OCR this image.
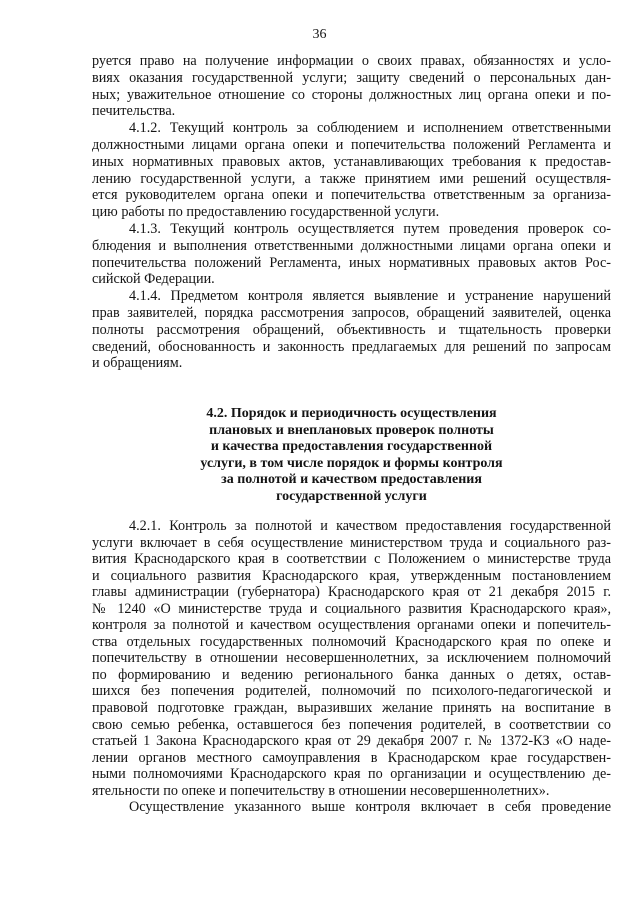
36
руется право на получение информации о своих правах, обязанностях и усло-
виях оказания государственной услуги; защиту сведений о персональных дан-
ных; уважительное отношение со стороны должностных лиц органа опеки и по-
печительства.
4.1.2. Текущий контроль за соблюдением и исполнением ответственными
должностными лицами органа опеки и попечительства положений Регламента и
иных нормативных правовых актов, устанавливающих требования к предостав-
лению государственной услуги, а также принятием ими решений осуществля-
ется руководителем органа опеки и попечительства ответственным за организа-
цию работы по предоставлению государственной услуги.
4.1.3. Текущий контроль осуществляется путем проведения проверок со-
блюдения и выполнения ответственными должностными лицами органа опеки и
попечительства положений Регламента, иных нормативных правовых актов Рос-
сийской Федерации.
4.1.4. Предметом контроля является выявление и устранение нарушений
прав заявителей, порядка рассмотрения запросов, обращений заявителей, оценка
полноты рассмотрения обращений, объективность и тщательность проверки
сведений, обоснованность и законность предлагаемых для решений по запросам
и обращениям.
4.2. Порядок и периодичность осуществления
плановых и внеплановых проверок полноты
и качества предоставления государственной
услуги, в том числе порядок и формы контроля
за полнотой и качеством предоставления
государственной услуги
4.2.1. Контроль за полнотой и качеством предоставления государственной
услуги включает в себя осуществление министерством труда и социального раз-
вития Краснодарского края в соответствии с Положением о министерстве труда
и социального развития Краснодарского края, утвержденным постановлением
главы администрации (губернатора) Краснодарского края от 21 декабря 2015 г.
№ 1240 «О министерстве труда и социального развития Краснодарского края»,
контроля за полнотой и качеством осуществления органами опеки и попечитель-
ства отдельных государственных полномочий Краснодарского края по опеке и
попечительству в отношении несовершеннолетних, за исключением полномочий
по формированию и ведению регионального банка данных о детях, остав-
шихся без попечения родителей, полномочий по психолого-педагогической и
правовой подготовке граждан, выразивших желание принять на воспитание в
свою семью ребенка, оставшегося без попечения родителей, в соответствии со
статьей 1 Закона Краснодарского края от 29 декабря 2007 г. № 1372-КЗ «О наде-
лении органов местного самоуправления в Краснодарском крае государствен-
ными полномочиями Краснодарского края по организации и осуществлению де-
ятельности по опеке и попечительству в отношении несовершеннолетних».
Осуществление указанного выше контроля включает в себя проведение
